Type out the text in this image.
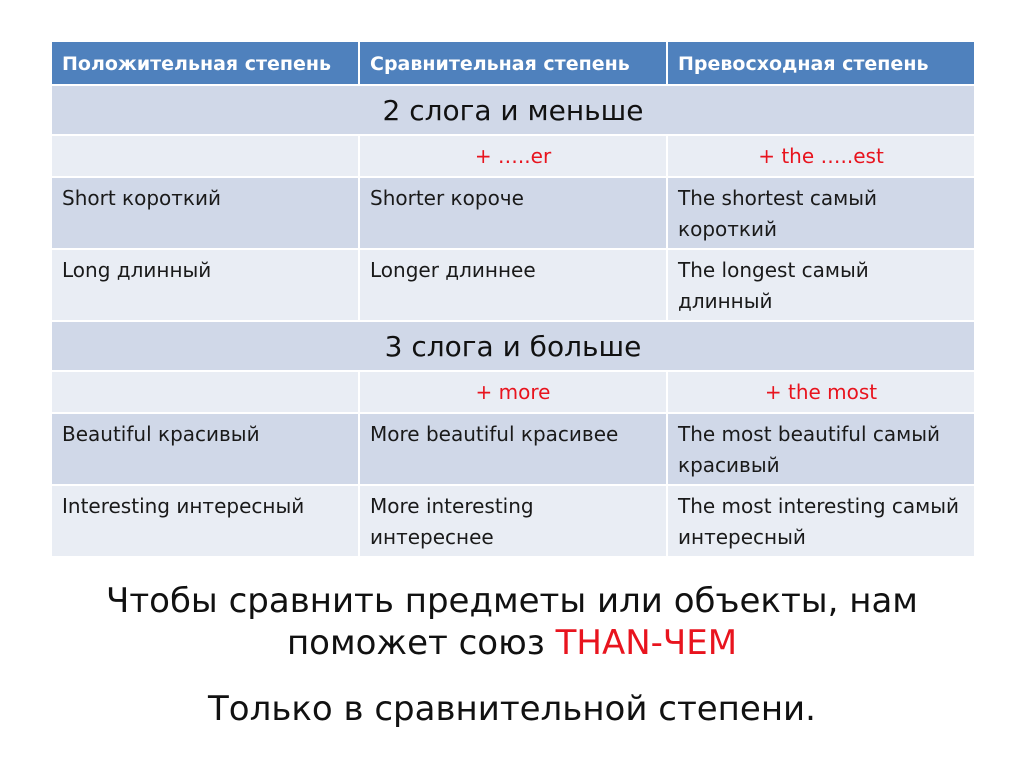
Положительная степень	Сравнительная степень	Превосходная степень
2 слога и меньше		
	+ …..er	+ the …..est
Short короткий	Shorter короче	The shortest самый короткий
Long длинный	Longer длиннее	The longest самый длинный
3 слога и больше		
	+ more	+ the most
Beautiful красивый	More beautiful красивее	The most beautiful самый красивый
Interesting интересный	More interesting интереснее	The most interesting самый интересный
Чтобы сравнить предметы или объекты, нам
поможет союз THAN-ЧЕМ
Только в сравнительной степени.
